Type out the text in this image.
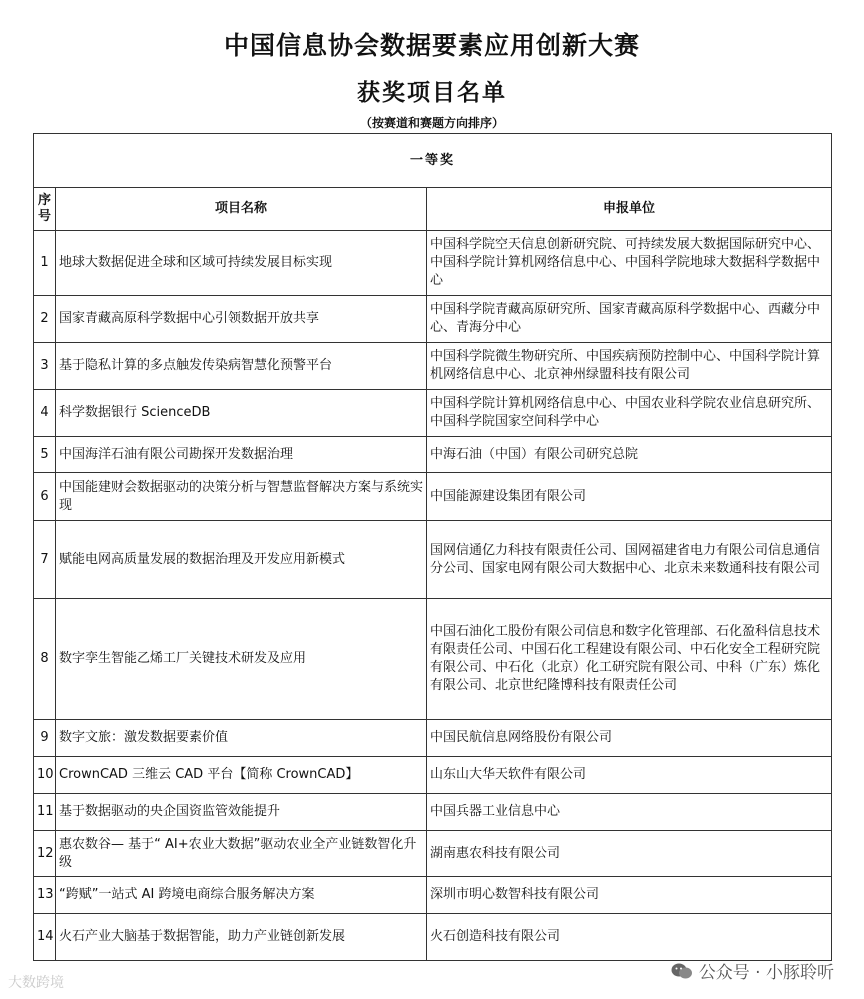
中国信息协会数据要素应用创新大赛
获奖项目名单
（按赛道和赛题方向排序）
一等奖		
序号	项目名称	申报单位
1	地球大数据促进全球和区域可持续发展目标实现	中国科学院空天信息创新研究院、可持续发展大数据国际研究中心、中国科学院计算机网络信息中心、中国科学院地球大数据科学数据中心
2	国家青藏高原科学数据中心引领数据开放共享	中国科学院青藏高原研究所、国家青藏高原科学数据中心、西藏分中心、青海分中心
3	基于隐私计算的多点触发传染病智慧化预警平台	中国科学院微生物研究所、中国疾病预防控制中心、中国科学院计算机网络信息中心、北京神州绿盟科技有限公司
4	科学数据银行 ScienceDB	中国科学院计算机网络信息中心、中国农业科学院农业信息研究所、中国科学院国家空间科学中心
5	中国海洋石油有限公司勘探开发数据治理	中海石油（中国）有限公司研究总院
6	中国能建财会数据驱动的决策分析与智慧监督解决方案与系统实现	中国能源建设集团有限公司
7	赋能电网高质量发展的数据治理及开发应用新模式	国网信通亿力科技有限责任公司、国网福建省电力有限公司信息通信分公司、国家电网有限公司大数据中心、北京未来数通科技有限公司
8	数字孪生智能乙烯工厂关键技术研发及应用	中国石油化工股份有限公司信息和数字化管理部、石化盈科信息技术有限责任公司、中国石化工程建设有限公司、中石化安全工程研究院有限公司、中石化（北京）化工研究院有限公司、中科（广东）炼化有限公司、北京世纪隆博科技有限责任公司
9	数字文旅：激发数据要素价值	中国民航信息网络股份有限公司
10	CrownCAD 三维云 CAD 平台【简称 CrownCAD】	山东山大华天软件有限公司
11	基于数据驱动的央企国资监管效能提升	中国兵器工业信息中心
12	惠农数谷— 基于“ AI+农业大数据”驱动农业全产业链数智化升级	湖南惠农科技有限公司
13	“跨赋”一站式 AI 跨境电商综合服务解决方案	深圳市明心数智科技有限公司
14	火石产业大脑基于数据智能，助力产业链创新发展	火石创造科技有限公司
大数跨境	公众号 · 小豚聆听
